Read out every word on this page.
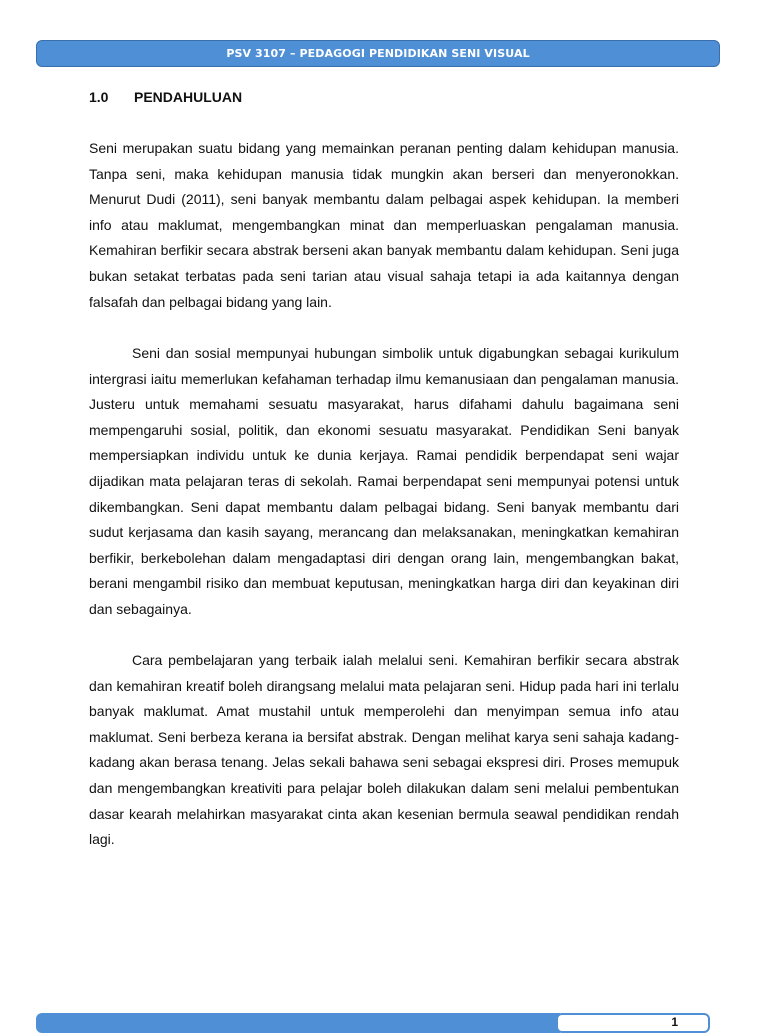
PSV 3107 – PEDAGOGI PENDIDIKAN SENI VISUAL
1.0	PENDAHULUAN

Seni merupakan suatu bidang yang memainkan peranan penting dalam kehidupan manusia. Tanpa seni, maka kehidupan manusia tidak mungkin akan berseri dan menyeronokkan. Menurut Dudi (2011), seni banyak membantu dalam pelbagai aspek kehidupan. Ia memberi info atau maklumat, mengembangkan minat dan memperluaskan pengalaman manusia. Kemahiran berfikir secara abstrak berseni akan banyak membantu dalam kehidupan. Seni juga bukan setakat terbatas pada seni tarian atau visual sahaja tetapi ia ada kaitannya dengan falsafah dan pelbagai bidang yang lain.

Seni dan sosial mempunyai hubungan simbolik untuk digabungkan sebagai kurikulum intergrasi iaitu memerlukan kefahaman terhadap ilmu kemanusiaan dan pengalaman manusia. Justeru untuk memahami sesuatu masyarakat, harus difahami dahulu bagaimana seni mempengaruhi sosial, politik, dan ekonomi sesuatu masyarakat. Pendidikan Seni banyak mempersiapkan individu untuk ke dunia kerjaya. Ramai pendidik berpendapat seni wajar dijadikan mata pelajaran teras di sekolah. Ramai berpendapat seni mempunyai potensi untuk dikembangkan. Seni dapat membantu dalam pelbagai bidang. Seni banyak membantu dari sudut kerjasama dan kasih sayang, merancang dan melaksanakan, meningkatkan kemahiran berfikir, berkebolehan dalam mengadaptasi diri dengan orang lain, mengembangkan bakat, berani mengambil risiko dan membuat keputusan, meningkatkan harga diri dan keyakinan diri dan sebagainya.

Cara pembelajaran yang terbaik ialah melalui seni. Kemahiran berfikir secara abstrak dan kemahiran kreatif boleh dirangsang melalui mata pelajaran seni. Hidup pada hari ini terlalu banyak maklumat. Amat mustahil untuk memperolehi dan menyimpan semua info atau maklumat. Seni berbeza kerana ia bersifat abstrak. Dengan melihat karya seni sahaja kadang-kadang akan berasa tenang. Jelas sekali bahawa seni sebagai ekspresi diri. Proses memupuk dan mengembangkan kreativiti para pelajar boleh dilakukan dalam seni melalui pembentukan dasar kearah melahirkan masyarakat cinta akan kesenian bermula seawal pendidikan rendah lagi.

1
